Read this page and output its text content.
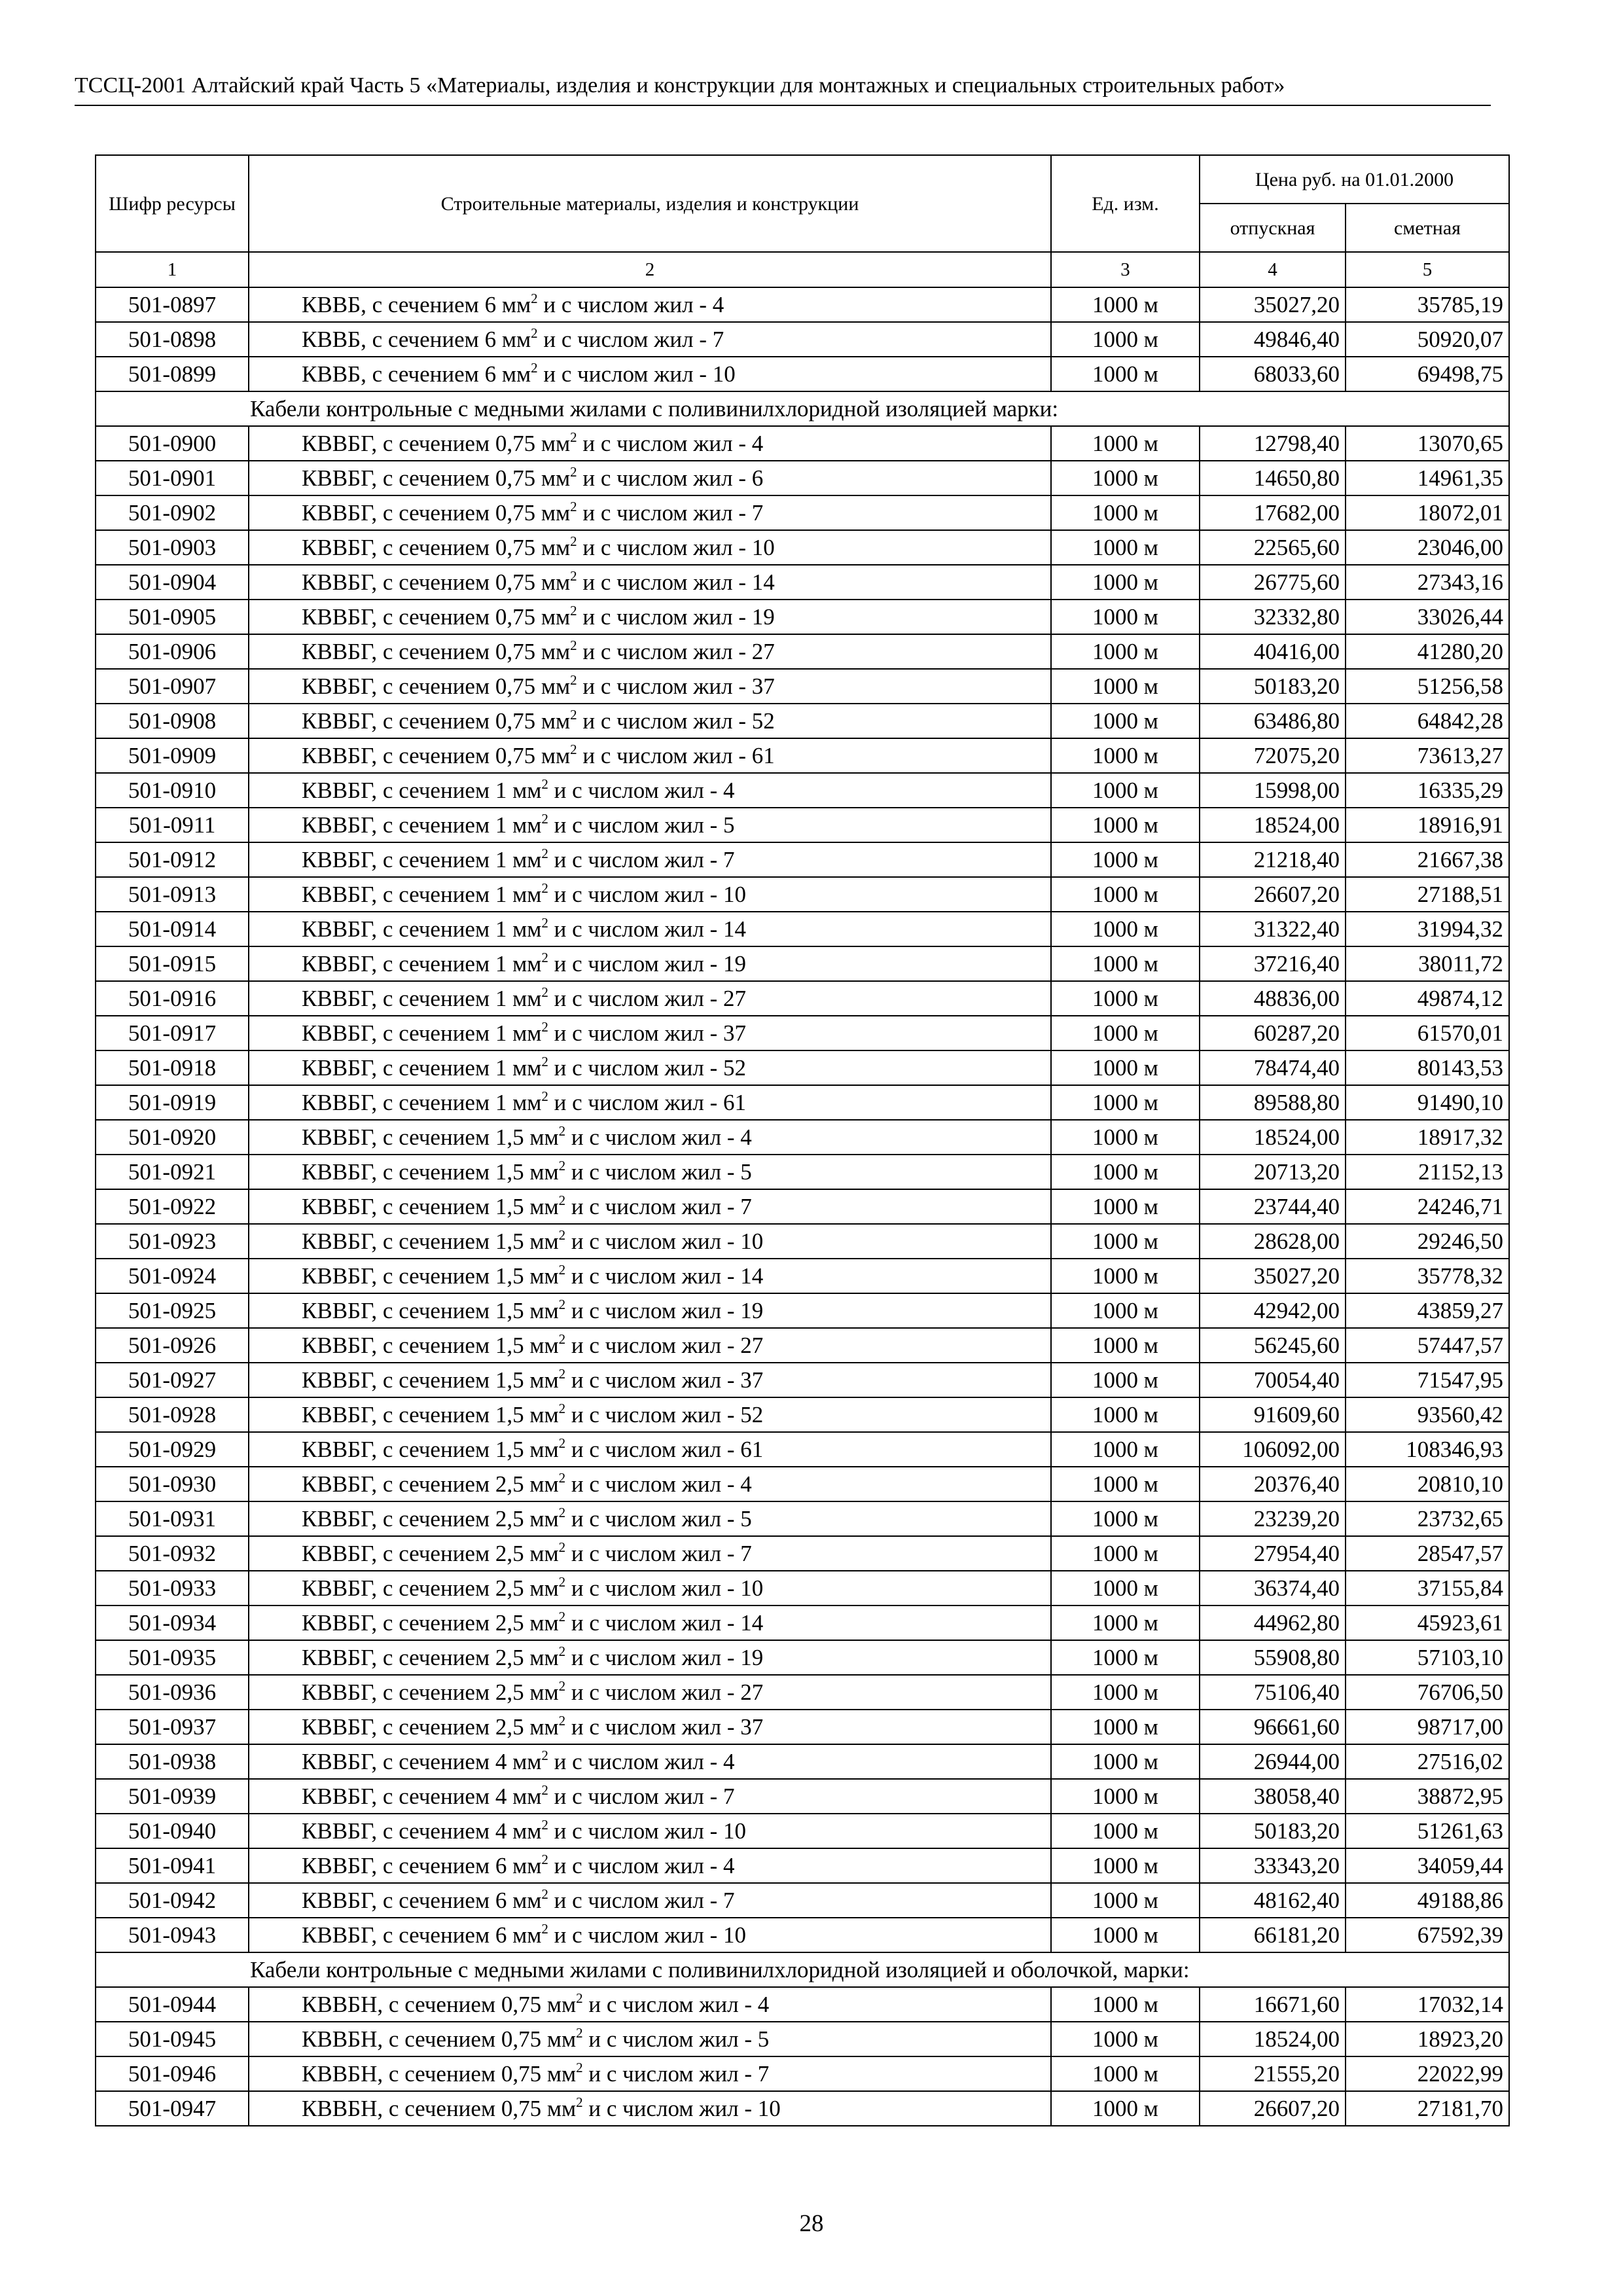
ТССЦ-2001 Алтайский край Часть 5 «Материалы, изделия и конструкции для монтажных и специальных строительных работ»
Шифр ресурсы	Строительные материалы, изделия и конструкции	Ед. изм.	Цена руб. на 01.01.2000	
			отпускная	сметная
1	2	3	4	5
501-0897	КВВБ, с сечением 6 $мм^2$ и с числом жил - 4	1000 м	35027,20	35785,19
501-0898	КВВБ, с сечением 6 $мм^2$ и с числом жил - 7	1000 м	49846,40	50920,07
501-0899	КВВБ, с сечением 6 $мм^2$ и с числом жил - 10	1000 м	68033,60	69498,75
Кабели контрольные с медными жилами с поливинилхлоридной изоляцией марки:				
501-0900	КВВБГ, с сечением 0,75 $мм^2$ и с числом жил - 4	1000 м	12798,40	13070,65
501-0901	КВВБГ, с сечением 0,75 $мм^2$ и с числом жил - 6	1000 м	14650,80	14961,35
501-0902	КВВБГ, с сечением 0,75 $мм^2$ и с числом жил - 7	1000 м	17682,00	18072,01
501-0903	КВВБГ, с сечением 0,75 $мм^2$ и с числом жил - 10	1000 м	22565,60	23046,00
501-0904	КВВБГ, с сечением 0,75 $мм^2$ и с числом жил - 14	1000 м	26775,60	27343,16
501-0905	КВВБГ, с сечением 0,75 $мм^2$ и с числом жил - 19	1000 м	32332,80	33026,44
501-0906	КВВБГ, с сечением 0,75 $мм^2$ и с числом жил - 27	1000 м	40416,00	41280,20
501-0907	КВВБГ, с сечением 0,75 $мм^2$ и с числом жил - 37	1000 м	50183,20	51256,58
501-0908	КВВБГ, с сечением 0,75 $мм^2$ и с числом жил - 52	1000 м	63486,80	64842,28
501-0909	КВВБГ, с сечением 0,75 $мм^2$ и с числом жил - 61	1000 м	72075,20	73613,27
501-0910	КВВБГ, с сечением 1 $мм^2$ и с числом жил - 4	1000 м	15998,00	16335,29
501-0911	КВВБГ, с сечением 1 $мм^2$ и с числом жил - 5	1000 м	18524,00	18916,91
501-0912	КВВБГ, с сечением 1 $мм^2$ и с числом жил - 7	1000 м	21218,40	21667,38
501-0913	КВВБГ, с сечением 1 $мм^2$ и с числом жил - 10	1000 м	26607,20	27188,51
501-0914	КВВБГ, с сечением 1 $мм^2$ и с числом жил - 14	1000 м	31322,40	31994,32
501-0915	КВВБГ, с сечением 1 $мм^2$ и с числом жил - 19	1000 м	37216,40	38011,72
501-0916	КВВБГ, с сечением 1 $мм^2$ и с числом жил - 27	1000 м	48836,00	49874,12
501-0917	КВВБГ, с сечением 1 $мм^2$ и с числом жил - 37	1000 м	60287,20	61570,01
501-0918	КВВБГ, с сечением 1 $мм^2$ и с числом жил - 52	1000 м	78474,40	80143,53
501-0919	КВВБГ, с сечением 1 $мм^2$ и с числом жил - 61	1000 м	89588,80	91490,10
501-0920	КВВБГ, с сечением 1,5 $мм^2$ и с числом жил - 4	1000 м	18524,00	18917,32
501-0921	КВВБГ, с сечением 1,5 $мм^2$ и с числом жил - 5	1000 м	20713,20	21152,13
501-0922	КВВБГ, с сечением 1,5 $мм^2$ и с числом жил - 7	1000 м	23744,40	24246,71
501-0923	КВВБГ, с сечением 1,5 $мм^2$ и с числом жил - 10	1000 м	28628,00	29246,50
501-0924	КВВБГ, с сечением 1,5 $мм^2$ и с числом жил - 14	1000 м	35027,20	35778,32
501-0925	КВВБГ, с сечением 1,5 $мм^2$ и с числом жил - 19	1000 м	42942,00	43859,27
501-0926	КВВБГ, с сечением 1,5 $мм^2$ и с числом жил - 27	1000 м	56245,60	57447,57
501-0927	КВВБГ, с сечением 1,5 $мм^2$ и с числом жил - 37	1000 м	70054,40	71547,95
501-0928	КВВБГ, с сечением 1,5 $мм^2$ и с числом жил - 52	1000 м	91609,60	93560,42
501-0929	КВВБГ, с сечением 1,5 $мм^2$ и с числом жил - 61	1000 м	106092,00	108346,93
501-0930	КВВБГ, с сечением 2,5 $мм^2$ и с числом жил - 4	1000 м	20376,40	20810,10
501-0931	КВВБГ, с сечением 2,5 $мм^2$ и с числом жил - 5	1000 м	23239,20	23732,65
501-0932	КВВБГ, с сечением 2,5 $мм^2$ и с числом жил - 7	1000 м	27954,40	28547,57
501-0933	КВВБГ, с сечением 2,5 $мм^2$ и с числом жил - 10	1000 м	36374,40	37155,84
501-0934	КВВБГ, с сечением 2,5 $мм^2$ и с числом жил - 14	1000 м	44962,80	45923,61
501-0935	КВВБГ, с сечением 2,5 $мм^2$ и с числом жил - 19	1000 м	55908,80	57103,10
501-0936	КВВБГ, с сечением 2,5 $мм^2$ и с числом жил - 27	1000 м	75106,40	76706,50
501-0937	КВВБГ, с сечением 2,5 $мм^2$ и с числом жил - 37	1000 м	96661,60	98717,00
501-0938	КВВБГ, с сечением 4 $мм^2$ и с числом жил - 4	1000 м	26944,00	27516,02
501-0939	КВВБГ, с сечением 4 $мм^2$ и с числом жил - 7	1000 м	38058,40	38872,95
501-0940	КВВБГ, с сечением 4 $мм^2$ и с числом жил - 10	1000 м	50183,20	51261,63
501-0941	КВВБГ, с сечением 6 $мм^2$ и с числом жил - 4	1000 м	33343,20	34059,44
501-0942	КВВБГ, с сечением 6 $мм^2$ и с числом жил - 7	1000 м	48162,40	49188,86
501-0943	КВВБГ, с сечением 6 $мм^2$ и с числом жил - 10	1000 м	66181,20	67592,39
Кабели контрольные с медными жилами с поливинилхлоридной изоляцией и оболочкой, марки:				
501-0944	КВВБН, с сечением 0,75 $мм^2$ и с числом жил - 4	1000 м	16671,60	17032,14
501-0945	КВВБН, с сечением 0,75 $мм^2$ и с числом жил - 5	1000 м	18524,00	18923,20
501-0946	КВВБН, с сечением 0,75 $мм^2$ и с числом жил - 7	1000 м	21555,20	22022,99
501-0947	КВВБН, с сечением 0,75 $мм^2$ и с числом жил - 10	1000 м	26607,20	27181,70
28
